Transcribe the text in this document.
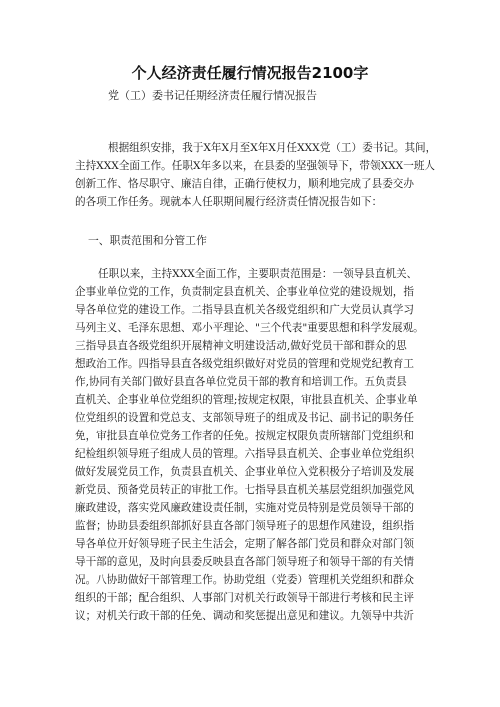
个人经济责任履行情况报告2100字
党（工）委书记任期经济责任履行情况报告
根据组织安排，我于X年X月至X年X月任XXX党（工）委书记。其间，
主持XXX全面工作。任职X年多以来，在县委的坚强领导下，带领XXX一班人
创新工作、恪尽职守、廉洁自律，正确行使权力，顺利地完成了县委交办
的各项工作任务。现就本人任职期间履行经济责任情况报告如下：
一、职责范围和分管工作
任职以来，主持XXX全面工作，主要职责范围是：一领导县直机关、
企事业单位党的工作，负责制定县直机关、企事业单位党的建设规划，指
导各单位党的建设工作。二指导县直机关各级党组织和广大党员认真学习
马列主义、毛泽东思想、邓小平理论、"三个代表"重要思想和科学发展观。
三指导县直各级党组织开展精神文明建设活动,做好党员干部和群众的思
想政治工作。四指导县直各级党组织做好对党员的管理和党规党纪教育工
作,协同有关部门做好县直各单位党员干部的教育和培训工作。五负责县
直机关、企事业单位党组织的管理;按规定权限，审批县直机关、企事业单
位党组织的设置和党总支、支部领导班子的组成及书记、副书记的职务任
免，审批县直单位党务工作者的任免。按规定权限负责所辖部门党组织和
纪检组织领导班子组成人员的管理。六指导县直机关、企事业单位党组织
做好发展党员工作，负责县直机关、企事业单位入党积极分子培训及发展
新党员、预备党员转正的审批工作。七指导县直机关基层党组织加强党风
廉政建设，落实党风廉政建设责任制，实施对党员特别是党员领导干部的
监督；协助县委组织部抓好县直各部门领导班子的思想作风建设，组织指
导各单位开好领导班子民主生活会，定期了解各部门党员和群众对部门领
导干部的意见，及时向县委反映县直各部门领导班子和领导干部的有关情
况。八协助做好干部管理工作。协助党组（党委）管理机关党组织和群众
组织的干部；配合组织、人事部门对机关行政领导干部进行考核和民主评
议；对机关行政干部的任免、调动和奖惩提出意见和建议。九领导中共沂
